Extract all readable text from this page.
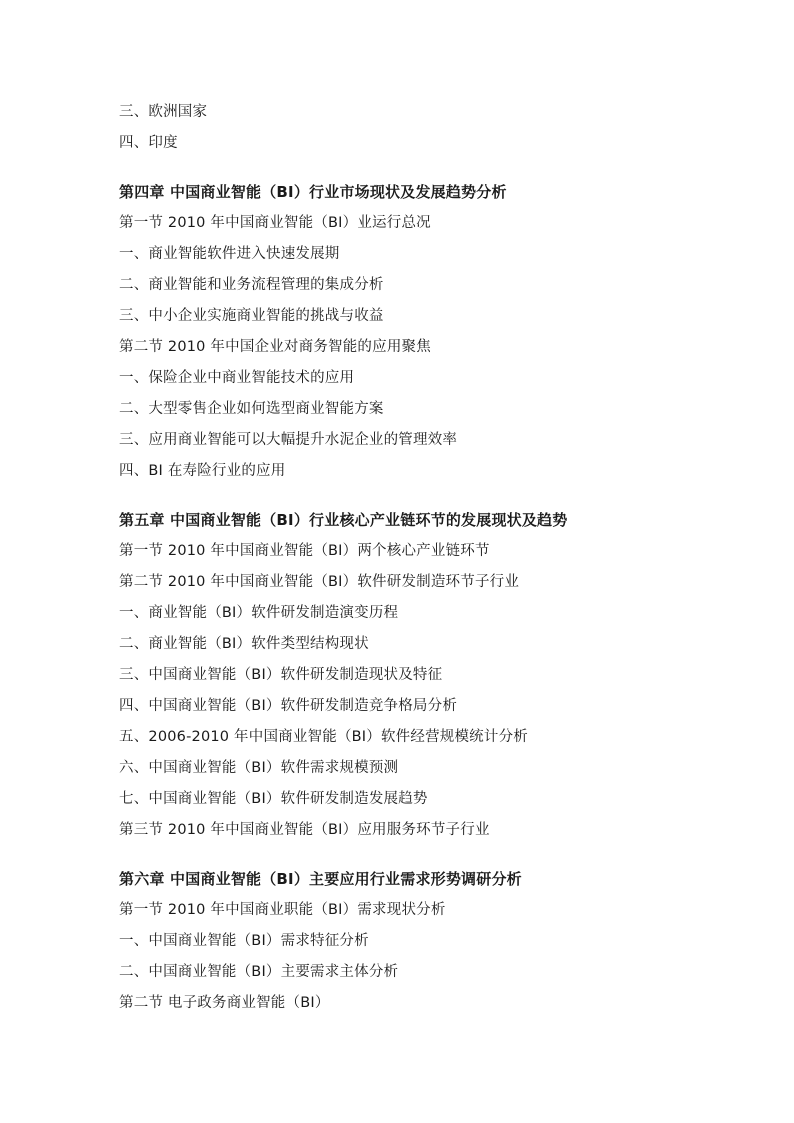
三、欧洲国家
四、印度
第四章 中国商业智能（BI）行业市场现状及发展趋势分析
第一节 2010 年中国商业智能（BI）业运行总况
一、商业智能软件进入快速发展期
二、商业智能和业务流程管理的集成分析
三、中小企业实施商业智能的挑战与收益
第二节 2010 年中国企业对商务智能的应用聚焦
一、保险企业中商业智能技术的应用
二、大型零售企业如何选型商业智能方案
三、应用商业智能可以大幅提升水泥企业的管理效率
四、BI 在寿险行业的应用
第五章 中国商业智能（BI）行业核心产业链环节的发展现状及趋势
第一节 2010 年中国商业智能（BI）两个核心产业链环节
第二节 2010 年中国商业智能（BI）软件研发制造环节子行业
一、商业智能（BI）软件研发制造演变历程
二、商业智能（BI）软件类型结构现状
三、中国商业智能（BI）软件研发制造现状及特征
四、中国商业智能（BI）软件研发制造竞争格局分析
五、2006-2010 年中国商业智能（BI）软件经营规模统计分析
六、中国商业智能（BI）软件需求规模预测
七、中国商业智能（BI）软件研发制造发展趋势
第三节 2010 年中国商业智能（BI）应用服务环节子行业
第六章 中国商业智能（BI）主要应用行业需求形势调研分析
第一节 2010 年中国商业职能（BI）需求现状分析
一、中国商业智能（BI）需求特征分析
二、中国商业智能（BI）主要需求主体分析
第二节 电子政务商业智能（BI）
